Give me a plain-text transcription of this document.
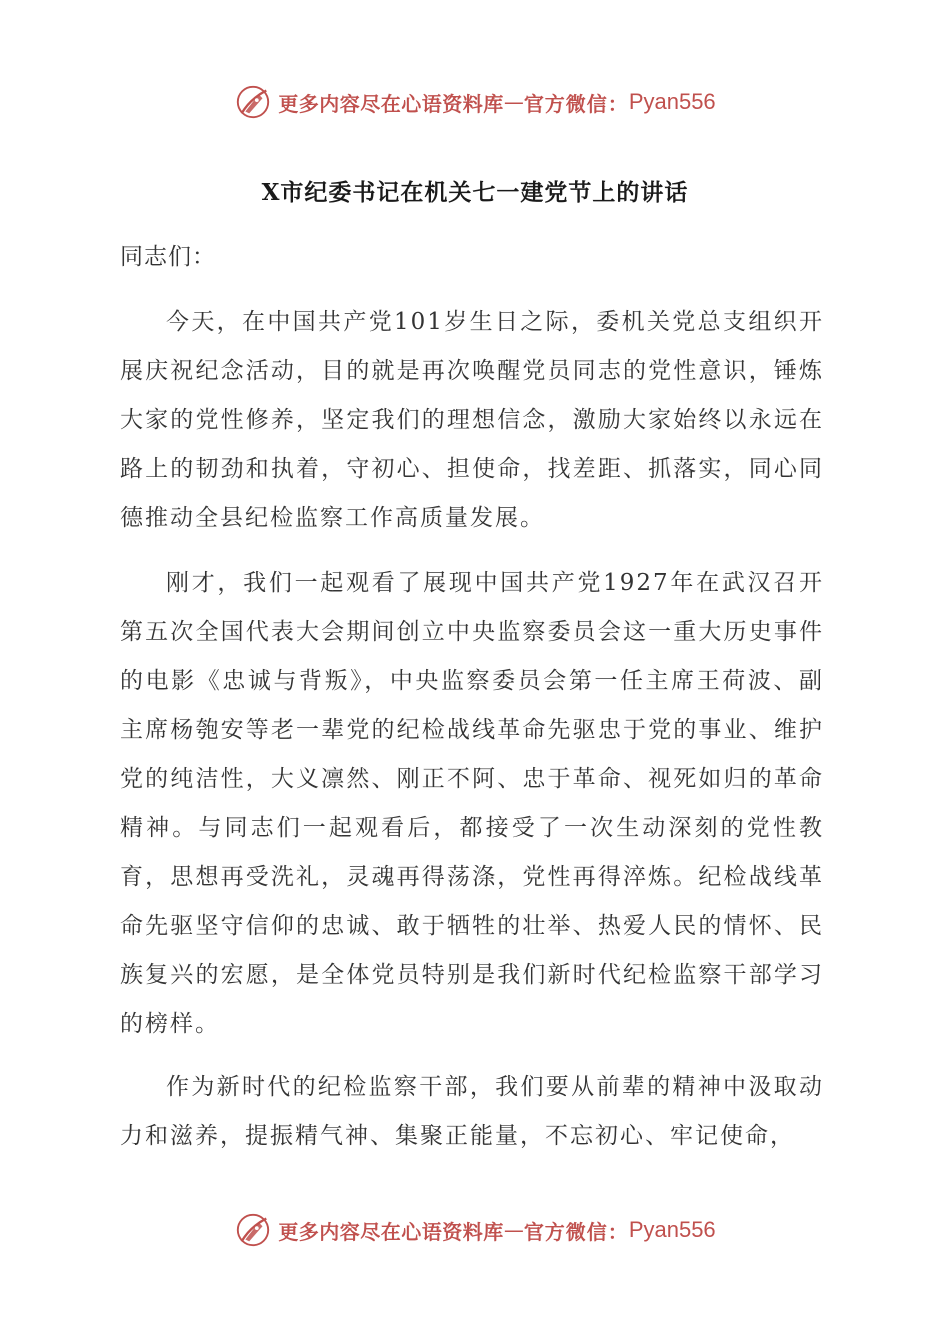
更多内容尽在心语资料库 — 官方微信： Pyan556
X市纪委书记在机关七一建党节上的讲话

同志们：

今天，在中国共产党101岁生日之际，委机关党总支组织开展庆祝纪念活动，目的就是再次唤醒党员同志的党性意识，锤炼大家的党性修养，坚定我们的理想信念，激励大家始终以永远在路上的韧劲和执着，守初心、担使命，找差距、抓落实，同心同德推动全县纪检监察工作高质量发展。

刚才，我们一起观看了展现中国共产党1927年在武汉召开第五次全国代表大会期间创立中央监察委员会这一重大历史事件的电影《忠诚与背叛》，中央监察委员会第一任主席王荷波、副主席杨匏安等老一辈党的纪检战线革命先驱忠于党的事业、维护党的纯洁性，大义凛然、刚正不阿、忠于革命、视死如归的革命精神。与同志们一起观看后，都接受了一次生动深刻的党性教育，思想再受洗礼，灵魂再得荡涤，党性再得淬炼。纪检战线革命先驱坚守信仰的忠诚、敢于牺牲的壮举、热爱人民的情怀、民族复兴的宏愿，是全体党员特别是我们新时代纪检监察干部学习的榜样。

作为新时代的纪检监察干部，我们要从前辈的精神中汲取动力和滋养，提振精气神、集聚正能量，不忘初心、牢记使命，

更多内容尽在心语资料库 — 官方微信： Pyan556
